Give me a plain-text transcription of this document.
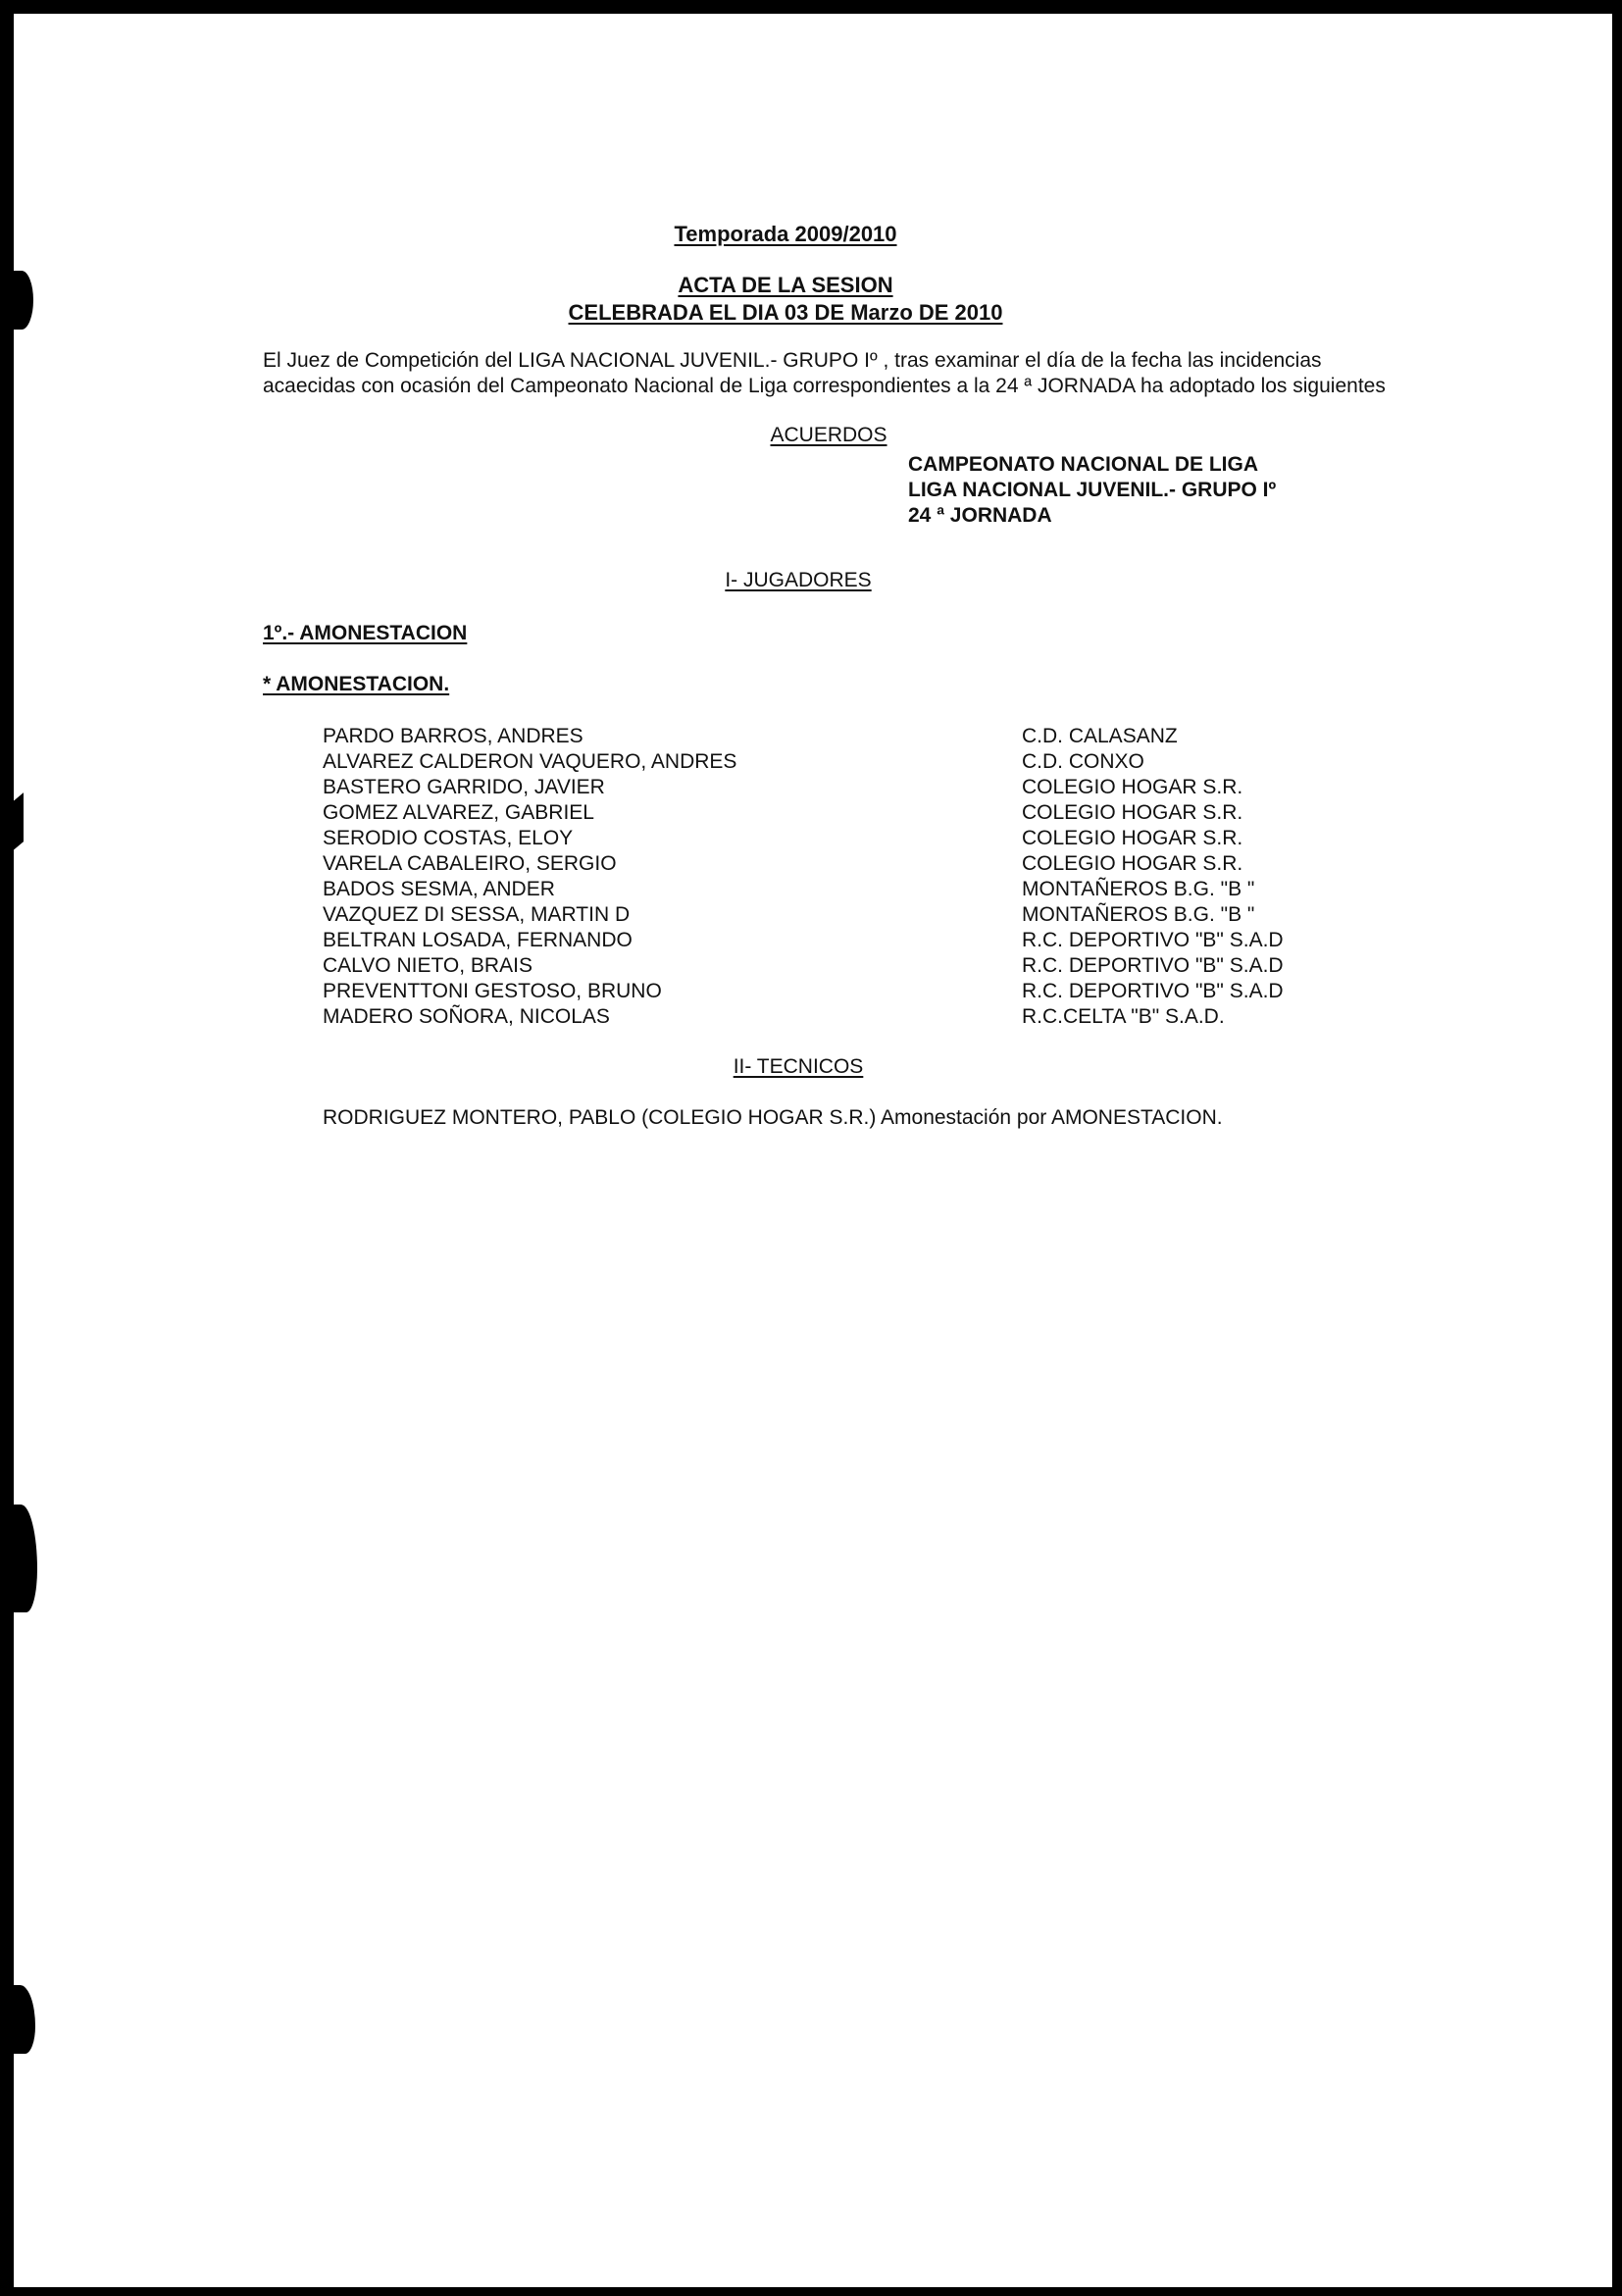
Temporada 2009/2010
ACTA DE LA SESION
CELEBRADA EL DIA 03 DE Marzo DE 2010
El Juez de Competición del LIGA NACIONAL JUVENIL.- GRUPO Iº , tras examinar el día de la fecha las incidencias
acaecidas con ocasión del Campeonato Nacional de Liga correspondientes a la 24 ª JORNADA ha adoptado los siguientes
ACUERDOS
CAMPEONATO NACIONAL DE LIGA
LIGA NACIONAL JUVENIL.- GRUPO Iº
24 ª JORNADA
I- JUGADORES
1º.- AMONESTACION
* AMONESTACION.
PARDO BARROS, ANDRES	C.D. CALASANZ
ALVAREZ CALDERON VAQUERO, ANDRES	C.D. CONXO
BASTERO GARRIDO, JAVIER	COLEGIO HOGAR S.R.
GOMEZ ALVAREZ, GABRIEL	COLEGIO HOGAR S.R.
SERODIO COSTAS, ELOY	COLEGIO HOGAR S.R.
VARELA CABALEIRO, SERGIO	COLEGIO HOGAR S.R.
BADOS SESMA, ANDER	MONTAÑEROS B.G. "B "
VAZQUEZ DI SESSA, MARTIN D	MONTAÑEROS B.G. "B "
BELTRAN LOSADA, FERNANDO	R.C. DEPORTIVO "B" S.A.D
CALVO NIETO, BRAIS	R.C. DEPORTIVO "B" S.A.D
PREVENTTONI GESTOSO, BRUNO	R.C. DEPORTIVO "B" S.A.D
MADERO SOÑORA, NICOLAS	R.C.CELTA "B" S.A.D.
II- TECNICOS
RODRIGUEZ MONTERO, PABLO (COLEGIO HOGAR S.R.) Amonestación por AMONESTACION.
